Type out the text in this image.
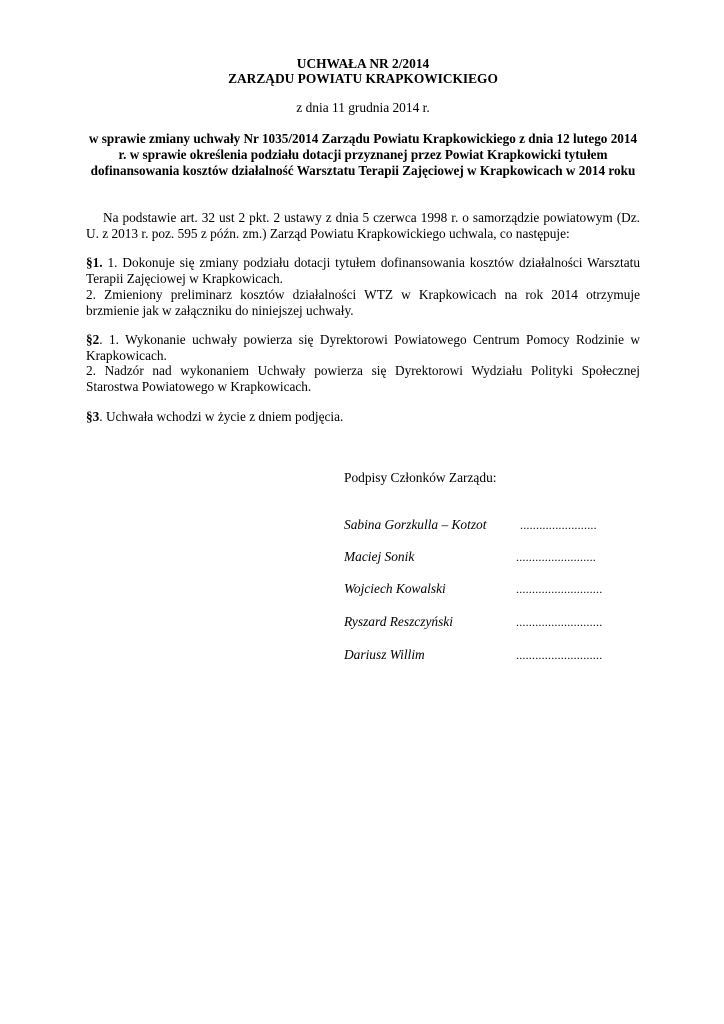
UCHWAŁA NR 2/2014
ZARZĄDU POWIATU KRAPKOWICKIEGO
z dnia 11 grudnia 2014 r.
w sprawie zmiany uchwały Nr 1035/2014 Zarządu Powiatu Krapkowickiego z dnia 12 lutego 2014 r. w sprawie określenia podziału dotacji przyznanej przez Powiat Krapkowicki tytułem dofinansowania kosztów działalność Warsztatu Terapii Zajęciowej w Krapkowicach w 2014 roku
Na podstawie art. 32 ust 2 pkt. 2 ustawy z dnia 5 czerwca 1998 r. o samorządzie powiatowym (Dz. U. z 2013 r. poz. 595 z późn. zm.) Zarząd Powiatu Krapkowickiego uchwala, co następuje:
§1. 1. Dokonuje się zmiany podziału dotacji tytułem dofinansowania kosztów działalności Warsztatu Terapii Zajęciowej w Krapkowicach.
2. Zmieniony preliminarz kosztów działalności WTZ w Krapkowicach na rok 2014 otrzymuje brzmienie jak w załączniku do niniejszej uchwały.
§2. 1. Wykonanie uchwały powierza się Dyrektorowi Powiatowego Centrum Pomocy Rodzinie w Krapkowicach.
2. Nadzór nad wykonaniem Uchwały powierza się Dyrektorowi Wydziału Polityki Społecznej Starostwa Powiatowego w Krapkowicach.
§3. Uchwała wchodzi w życie z dniem podjęcia.
Podpisy Członków Zarządu:
Sabina Gorzkulla – Kotzot	........................
Maciej Sonik	.........................
Wojciech Kowalski	...........................
Ryszard Reszczyński	...........................
Dariusz Willim	...........................
